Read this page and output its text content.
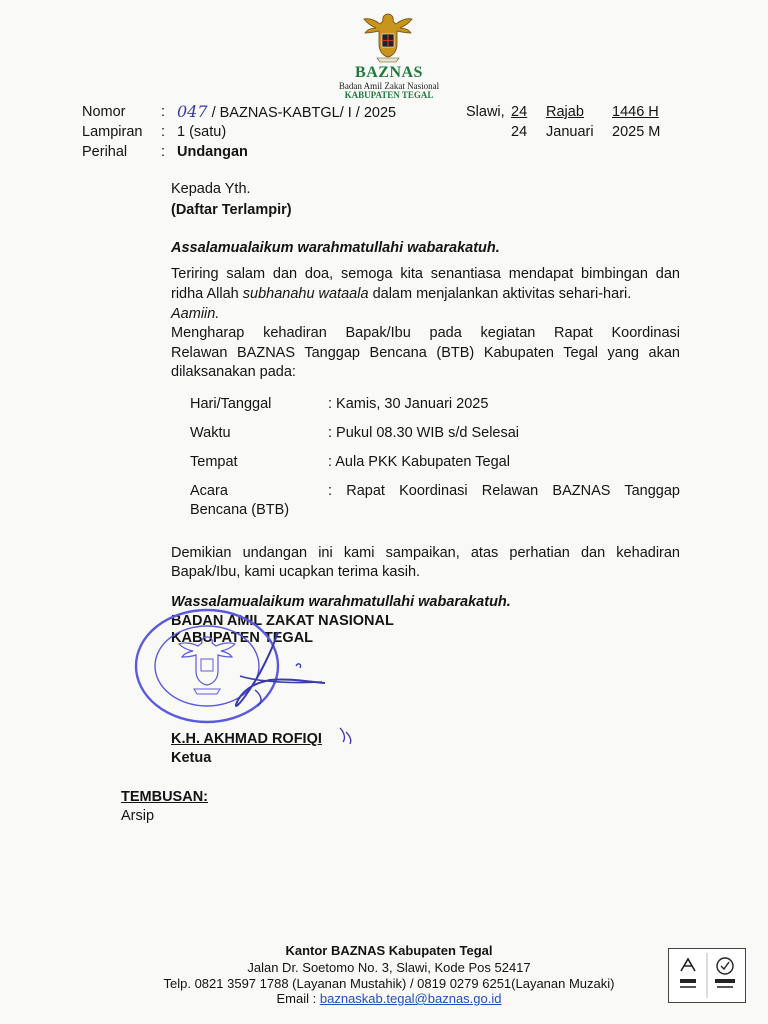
BAZNAS
Badan Amil Zakat Nasional
KABUPATEN TEGAL
Nomor : 047 / BAZNAS-KABTGL/ I / 2025
Lampiran : 1 (satu)
Perihal : Undangan
Slawi, 24 Rajab 1446 H
24 Januari 2025 M
Kepada Yth.
(Daftar Terlampir)
Assalamualaikum warahmatullahi wabarakatuh.
Teriring salam dan doa, semoga kita senantiasa mendapat bimbingan dan
ridha Allah subhanahu wataala dalam menjalankan aktivitas sehari-hari.
Aamiin.
Mengharap kehadiran Bapak/Ibu pada kegiatan Rapat Koordinasi
Relawan BAZNAS Tanggap Bencana (BTB) Kabupaten Tegal yang akan
dilaksanakan pada:
Hari/Tanggal	: Kamis, 30 Januari 2025
Waktu	: Pukul 08.30 WIB s/d Selesai
Tempat	: Aula PKK Kabupaten Tegal
Acara	: Rapat Koordinasi Relawan BAZNAS Tanggap
Bencana (BTB)
Demikian undangan ini kami sampaikan, atas perhatian dan kehadiran
Bapak/Ibu, kami ucapkan terima kasih.
Wassalamualaikum warahmatullahi wabarakatuh.
BADAN AMIL ZAKAT NASIONAL
KABUPATEN TEGAL
K.H. AKHMAD ROFIQI
Ketua
TEMBUSAN:
Arsip
Kantor BAZNAS Kabupaten Tegal
Jalan Dr. Soetomo No. 3, Slawi, Kode Pos 52417
Telp. 0821 3597 1788 (Layanan Mustahik) / 0819 0279 6251(Layanan Muzaki)
Email : baznaskab.tegal@baznas.go.id
